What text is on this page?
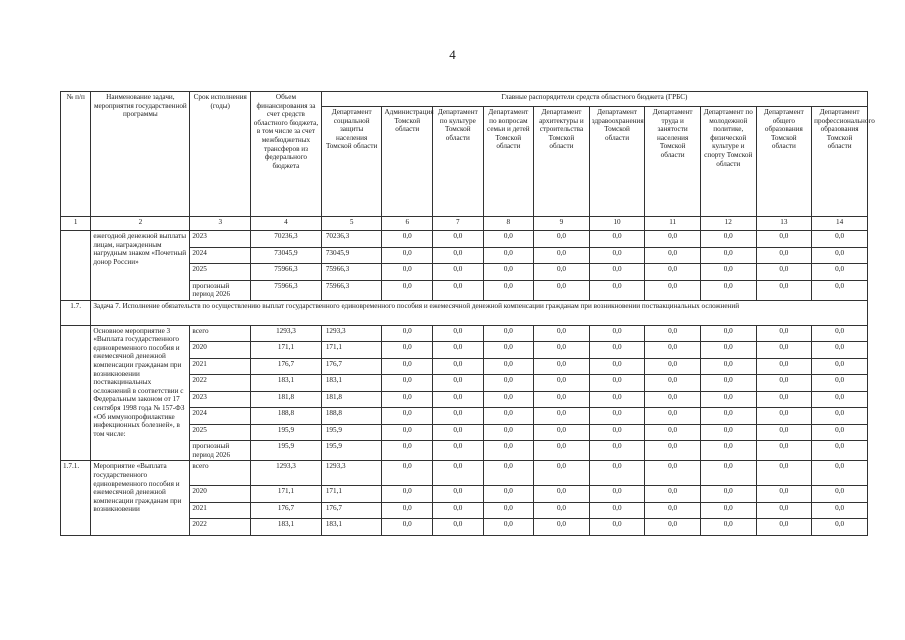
4
№ п/п	Наименование задачи, мероприятия государственной программы	Срок исполнения (годы)	Объем финансирования за счет средств областного бюджета, в том числе за счет межбюджетных трансферов из федерального бюджета	Главные распорядители средств областного бюджета (ГРБС)									
				Департамент социальной защиты населения Томской области	Администрация Томской области	Департамент по культуре Томской области	Департамент по вопросам семьи и детей Томской области	Департамент архитектуры и строительства Томской области	Департамент здравоохранения Томской области	Департамент труда и занятости населения Томской области	Департамент по молодежной политике, физической культуре и спорту Томской области	Департамент общего образования Томской области	Департамент профессионального образования Томской области
1	2	3	4	5	6	7	8	9	10	11	12	13	14
	ежегодной денежной выплаты лицам, награжденным нагрудным знаком «Почетный донор России»	2023	70236,3	70236,3	0,0	0,0	0,0	0,0	0,0	0,0	0,0	0,0	0,0
		2024	73045,9	73045,9	0,0	0,0	0,0	0,0	0,0	0,0	0,0	0,0	0,0
		2025	75966,3	75966,3	0,0	0,0	0,0	0,0	0,0	0,0	0,0	0,0	0,0
		прогнозный период 2026	75966,3	75966,3	0,0	0,0	0,0	0,0	0,0	0,0	0,0	0,0	0,0
1.7.	Задача 7. Исполнение обязательств по осуществлению выплат государственного единовременного пособия и ежемесячной денежной компенсации гражданам при возникновении поствакцинальных осложнений												
	Основное мероприятие 3 «Выплата государственного единовременного пособия и ежемесячной денежной компенсации гражданам при возникновении поствакцинальных осложнений в соответствии с Федеральным законом от 17 сентября 1998 года № 157-ФЗ «Об иммунопрофилактике инфекционных болезней», в том числе:	всего	1293,3	1293,3	0,0	0,0	0,0	0,0	0,0	0,0	0,0	0,0	0,0
		2020	171,1	171,1	0,0	0,0	0,0	0,0	0,0	0,0	0,0	0,0	0,0
		2021	176,7	176,7	0,0	0,0	0,0	0,0	0,0	0,0	0,0	0,0	0,0
		2022	183,1	183,1	0,0	0,0	0,0	0,0	0,0	0,0	0,0	0,0	0,0
		2023	181,8	181,8	0,0	0,0	0,0	0,0	0,0	0,0	0,0	0,0	0,0
		2024	188,8	188,8	0,0	0,0	0,0	0,0	0,0	0,0	0,0	0,0	0,0
		2025	195,9	195,9	0,0	0,0	0,0	0,0	0,0	0,0	0,0	0,0	0,0
		прогнозный период 2026	195,9	195,9	0,0	0,0	0,0	0,0	0,0	0,0	0,0	0,0	0,0
1.7.1.	Мероприятие «Выплата государственного единовременного пособия и ежемесячной денежной компенсации гражданам при возникновении	всего	1293,3	1293,3	0,0	0,0	0,0	0,0	0,0	0,0	0,0	0,0	0,0
		2020	171,1	171,1	0,0	0,0	0,0	0,0	0,0	0,0	0,0	0,0	0,0
		2021	176,7	176,7	0,0	0,0	0,0	0,0	0,0	0,0	0,0	0,0	0,0
		2022	183,1	183,1	0,0	0,0	0,0	0,0	0,0	0,0	0,0	0,0	0,0
